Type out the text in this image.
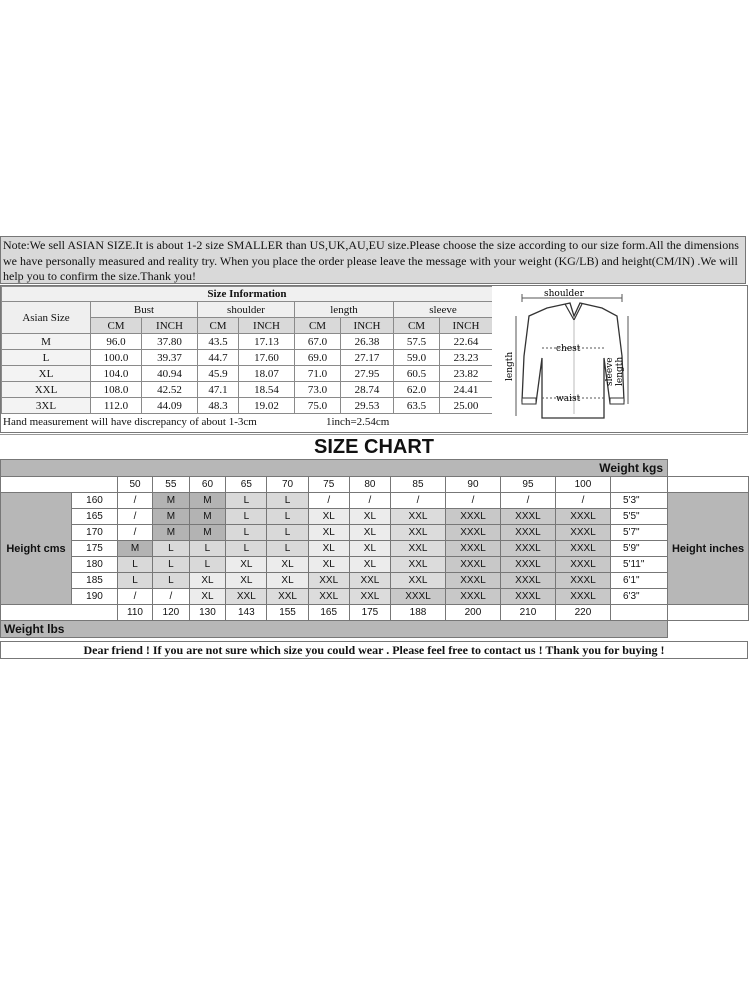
Note:We sell ASIAN SIZE.It is about 1-2 size SMALLER than US,UK,AU,EU size.Please choose the size according to our size form.All the dimensions we have personally measured and reality try. When you place the order please leave the message with your weight (KG/LB) and height(CM/IN) .We will help you to confirm the size.Thank you!
Size Information								
Asian Size	Bust		shoulder		length		sleeve	
	CM	INCH	CM	INCH	CM	INCH	CM	INCH
M	96.0	37.80	43.5	17.13	67.0	26.38	57.5	22.64
L	100.0	39.37	44.7	17.60	69.0	27.17	59.0	23.23
XL	104.0	40.94	45.9	18.07	71.0	27.95	60.5	23.82
XXL	108.0	42.52	47.1	18.54	73.0	28.74	62.0	24.41
3XL	112.0	44.09	48.3	19.02	75.0	29.53	63.5	25.00
Hand measurement will have discrepancy of about 1-3cm	1inch=2.54cm
shoulder
chest
waist
length	sleeve length
SIZE CHART
Weight kgs														
		50	55	60	65	70	75	80	85	90	95	100		
Height cms	160	/	M	M	L	L	/	/	/	/	/	/	5'3"	Height inches
	165	/	M	M	L	L	XL	XL	XXL	XXXL	XXXL	XXXL	5'5"	
	170	/	M	M	L	L	XL	XL	XXL	XXXL	XXXL	XXXL	5'7"	
	175	M	L	L	L	L	XL	XL	XXL	XXXL	XXXL	XXXL	5'9"	
	180	L	L	L	XL	XL	XL	XL	XXL	XXXL	XXXL	XXXL	5'11"	
	185	L	L	XL	XL	XL	XXL	XXL	XXL	XXXL	XXXL	XXXL	6'1"	
	190	/	/	XL	XXL	XXL	XXL	XXL	XXXL	XXXL	XXXL	XXXL	6'3"	
		110	120	130	143	155	165	175	188	200	210	220		
Weight lbs														
Dear friend ! If you are not sure which size you could wear . Please feel free to contact us ! Thank you for buying !
